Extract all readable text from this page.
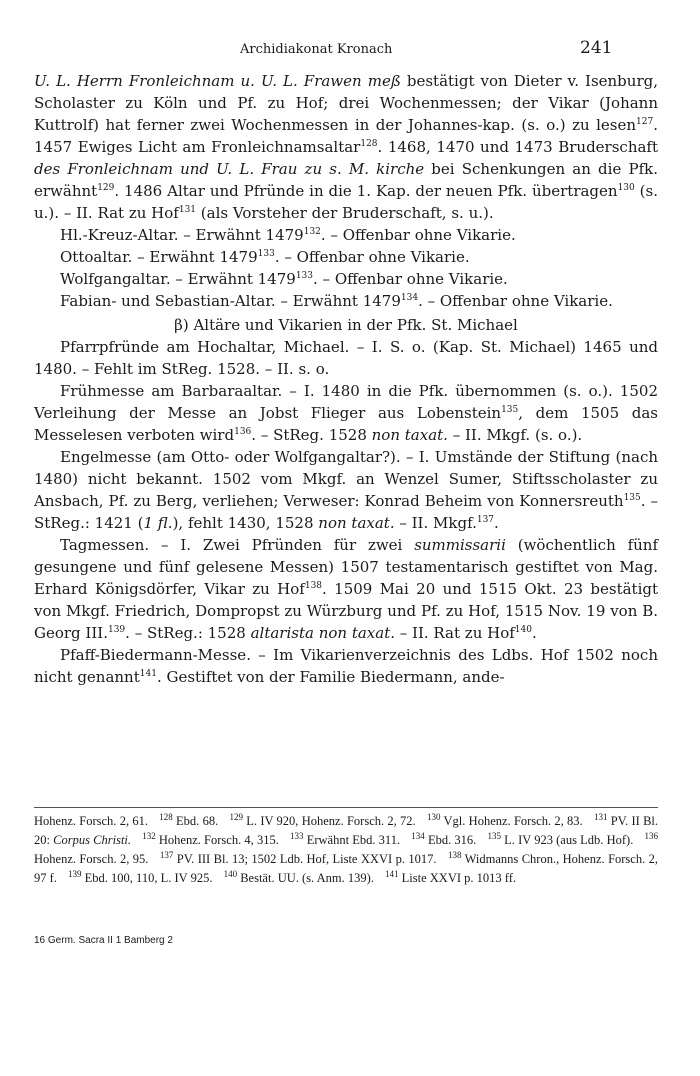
Archidiakonat Kronach	241

U. L. Herrn Fronleichnam u. U. L. Frawen meß bestätigt von Dieter v. Isenburg, Scholaster zu Köln und Pf. zu Hof; drei Wochenmessen; der Vikar (Johann Kuttrolf) hat ferner zwei Wochenmessen in der Johannes-kap. (s. o.) zu lesen$^{127}$. 1457 Ewiges Licht am Fronleichnamsaltar$^{128}$. 1468, 1470 und 1473 Bruderschaft des Fronleichnam und U. L. Frau zu s. M. kirche bei Schenkungen an die Pfk. erwähnt$^{129}$. 1486 Altar und Pfründe in die 1. Kap. der neuen Pfk. übertragen$^{130}$ (s. u.). – II. Rat zu Hof$^{131}$ (als Vorsteher der Bruderschaft, s. u.).

Hl.-Kreuz-Altar. – Erwähnt 1479$^{132}$. – Offenbar ohne Vikarie.

Ottoaltar. – Erwähnt 1479$^{133}$. – Offenbar ohne Vikarie.

Wolfgangaltar. – Erwähnt 1479$^{133}$. – Offenbar ohne Vikarie.

Fabian- und Sebastian-Altar. – Erwähnt 1479$^{134}$. – Offenbar ohne Vikarie.

β) Altäre und Vikarien in der Pfk. St. Michael

Pfarrpfründe am Hochaltar, Michael. – I. S. o. (Kap. St. Michael) 1465 und 1480. – Fehlt im StReg. 1528. – II. s. o.

Frühmesse am Barbaraaltar. – I. 1480 in die Pfk. übernommen (s. o.). 1502 Verleihung der Messe an Jobst Flieger aus Lobenstein$^{135}$, dem 1505 das Messelesen verboten wird$^{136}$. – StReg. 1528 non taxat. – II. Mkgf. (s. o.).

Engelmesse (am Otto- oder Wolfgangaltar?). – I. Umstände der Stiftung (nach 1480) nicht bekannt. 1502 vom Mkgf. an Wenzel Sumer, Stiftsscholaster zu Ansbach, Pf. zu Berg, verliehen; Verweser: Konrad Beheim von Konnersreuth$^{135}$. – StReg.: 1421 (1 fl.), fehlt 1430, 1528 non taxat. – II. Mkgf.$^{137}$.

Tagmessen. – I. Zwei Pfründen für zwei summissarii (wöchentlich fünf gesungene und fünf gelesene Messen) 1507 testamentarisch gestiftet von Mag. Erhard Königsdörfer, Vikar zu Hof$^{138}$. 1509 Mai 20 und 1515 Okt. 23 bestätigt von Mkgf. Friedrich, Dompropst zu Würzburg und Pf. zu Hof, 1515 Nov. 19 von B. Georg III.$^{139}$. – StReg.: 1528 altarista non taxat. – II. Rat zu Hof$^{140}$.

Pfaff-Biedermann-Messe. – Im Vikarienverzeichnis des Ldbs. Hof 1502 noch nicht genannt$^{141}$. Gestiftet von der Familie Biedermann, ande-

Hohenz. Forsch. 2, 61. $^{128}$ Ebd. 68. $^{129}$ L. IV 920, Hohenz. Forsch. 2, 72. $^{130}$ Vgl. Hohenz. Forsch. 2, 83. $^{131}$ PV. II Bl. 20: Corpus Christi. $^{132}$ Hohenz. Forsch. 4, 315. $^{133}$ Erwähnt Ebd. 311. $^{134}$ Ebd. 316. $^{135}$ L. IV 923 (aus Ldb. Hof). $^{136}$ Hohenz. Forsch. 2, 95. $^{137}$ PV. III Bl. 13; 1502 Ldb. Hof, Liste XXVI p. 1017. $^{138}$ Widmanns Chron., Hohenz. Forsch. 2, 97 f. $^{139}$ Ebd. 100, 110, L. IV 925. $^{140}$ Bestät. UU. (s. Anm. 139). $^{141}$ Liste XXVI p. 1013 ff.
16 Germ. Sacra II 1 Bamberg 2
